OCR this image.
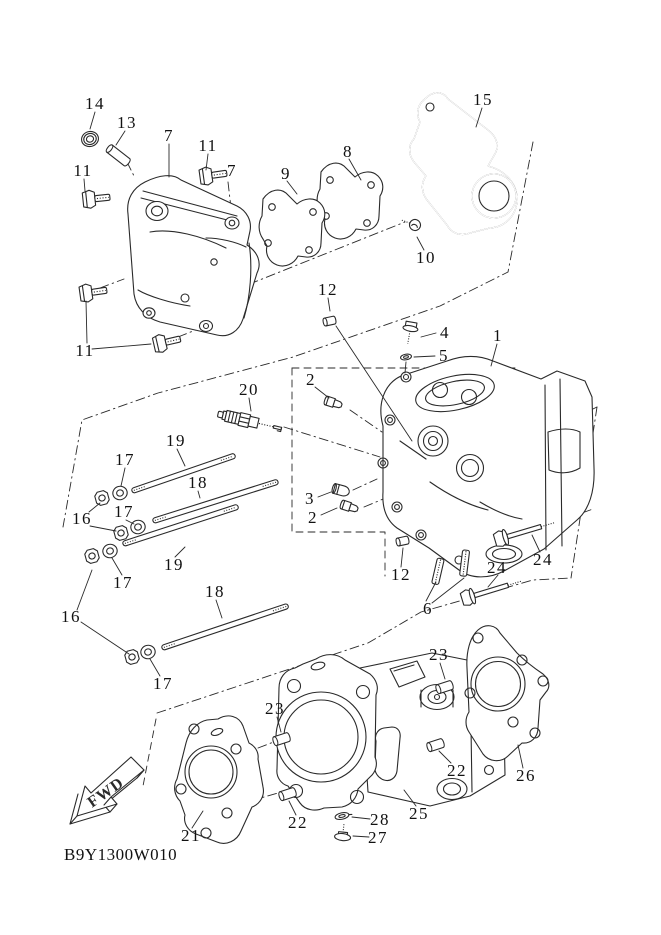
FWD
14
13
7
11
7	9
8
15
11
10
11
12
4
5
1
2
20
19
17
17
16
3
2
19
17
18
18
16
17
12
6
24
24
23
23
22
22
26
25
21
28
27
B9Y1300W010
